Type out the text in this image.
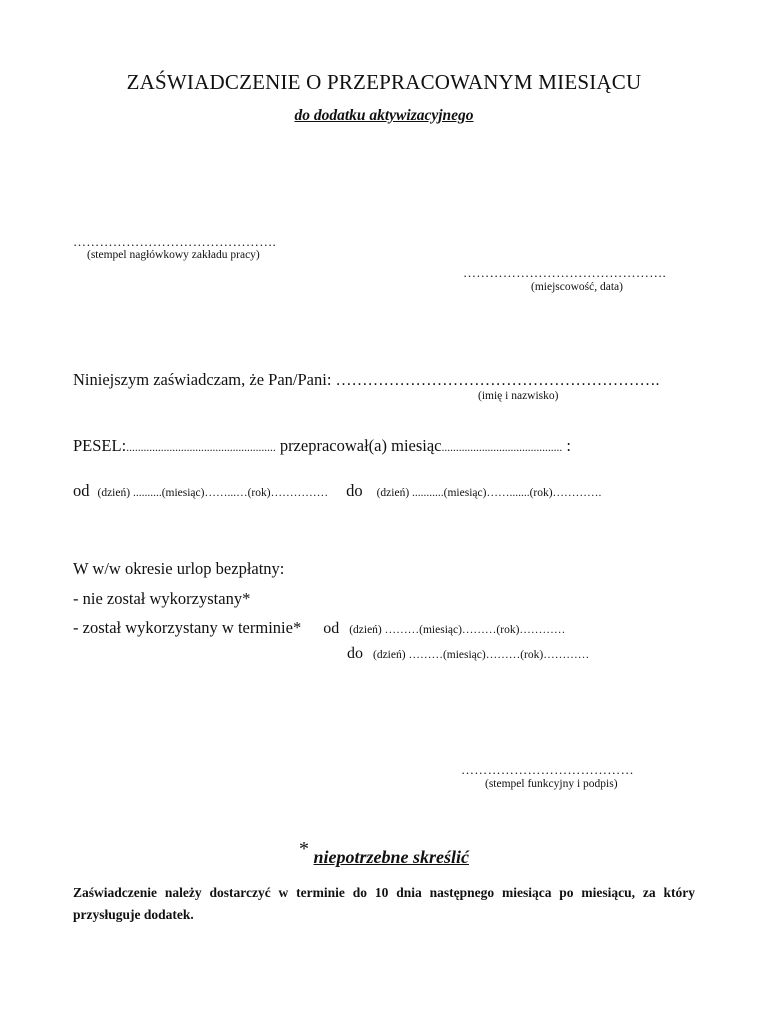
ZAŚWIADCZENIE O PRZEPRACOWANYM MIESIĄCU
do dodatku aktywizacyjnego
……………………………………….
(stempel nagłówkowy zakładu pracy)
……………………………………….
(miejscowość, data)
Niniejszym zaświadczam, że Pan/Pani: …………………………………………………….
(imię i nazwisko)
PESEL:.................................................... przepracował(a) miesiąc.......................................... :
od (dzień) ..........(miesiąc)……...…(rok)…………… do (dzień) ...........(miesiąc)…….......(rok)………….
W w/w okresie urlop bezpłatny:
- nie został wykorzystany*
- został wykorzystany w terminie* od (dzień) ………(miesiąc)………(rok)…………
do (dzień) ………(miesiąc)………(rok)…………
…………………………………
(stempel funkcyjny i podpis)
* niepotrzebne skreślić
Zaświadczenie należy dostarczyć w terminie do 10 dnia następnego miesiąca po miesiącu, za który przysługuje dodatek.
